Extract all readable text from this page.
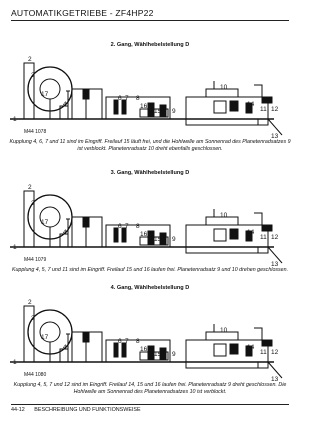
AUTOMATIKGETRIEBE - ZF4HP22
2. Gang, Wählhebelstellung D
1
2
3
17
4
5
6 7 8
16
15 9
10
14
11 12
13
M44 1078
Kupplung 4, 6, 7 und 11 sind im Eingriff. Freilauf 15 läuft frei, und die Hohlwelle am Sonnenrad des Planetenradsatzes 9 ist verblockt. Planetenradsatz 10 dreht ebenfalls geschlossen.
3. Gang, Wählhebelstellung D
1
2
3
17
4
5
6 7 8
16
15 9
10
14
11 12
13
M44 1079
Kupplung 4, 5, 7 und 11 sind im Eingriff. Freilauf 15 und 16 laufen frei. Planetenradsatz 9 und 10 drehen geschlossen.
4. Gang, Wählhebelstellung D
1
2
3
17
4
5
6 7 8
16
15 9
10
14
11 12
13
M44 1080
Kupplung 4, 5, 7 und 12 sind im Eingriff. Freilauf 14, 15 und 16 laufen frei. Planetenradsatz 9 dreht geschlossen. Die Hohlwelle am Sonnenrad des Planetenradsatzes 10 ist verblockt.
44-12 BESCHREIBUNG UND FUNKTIONSWEISE
